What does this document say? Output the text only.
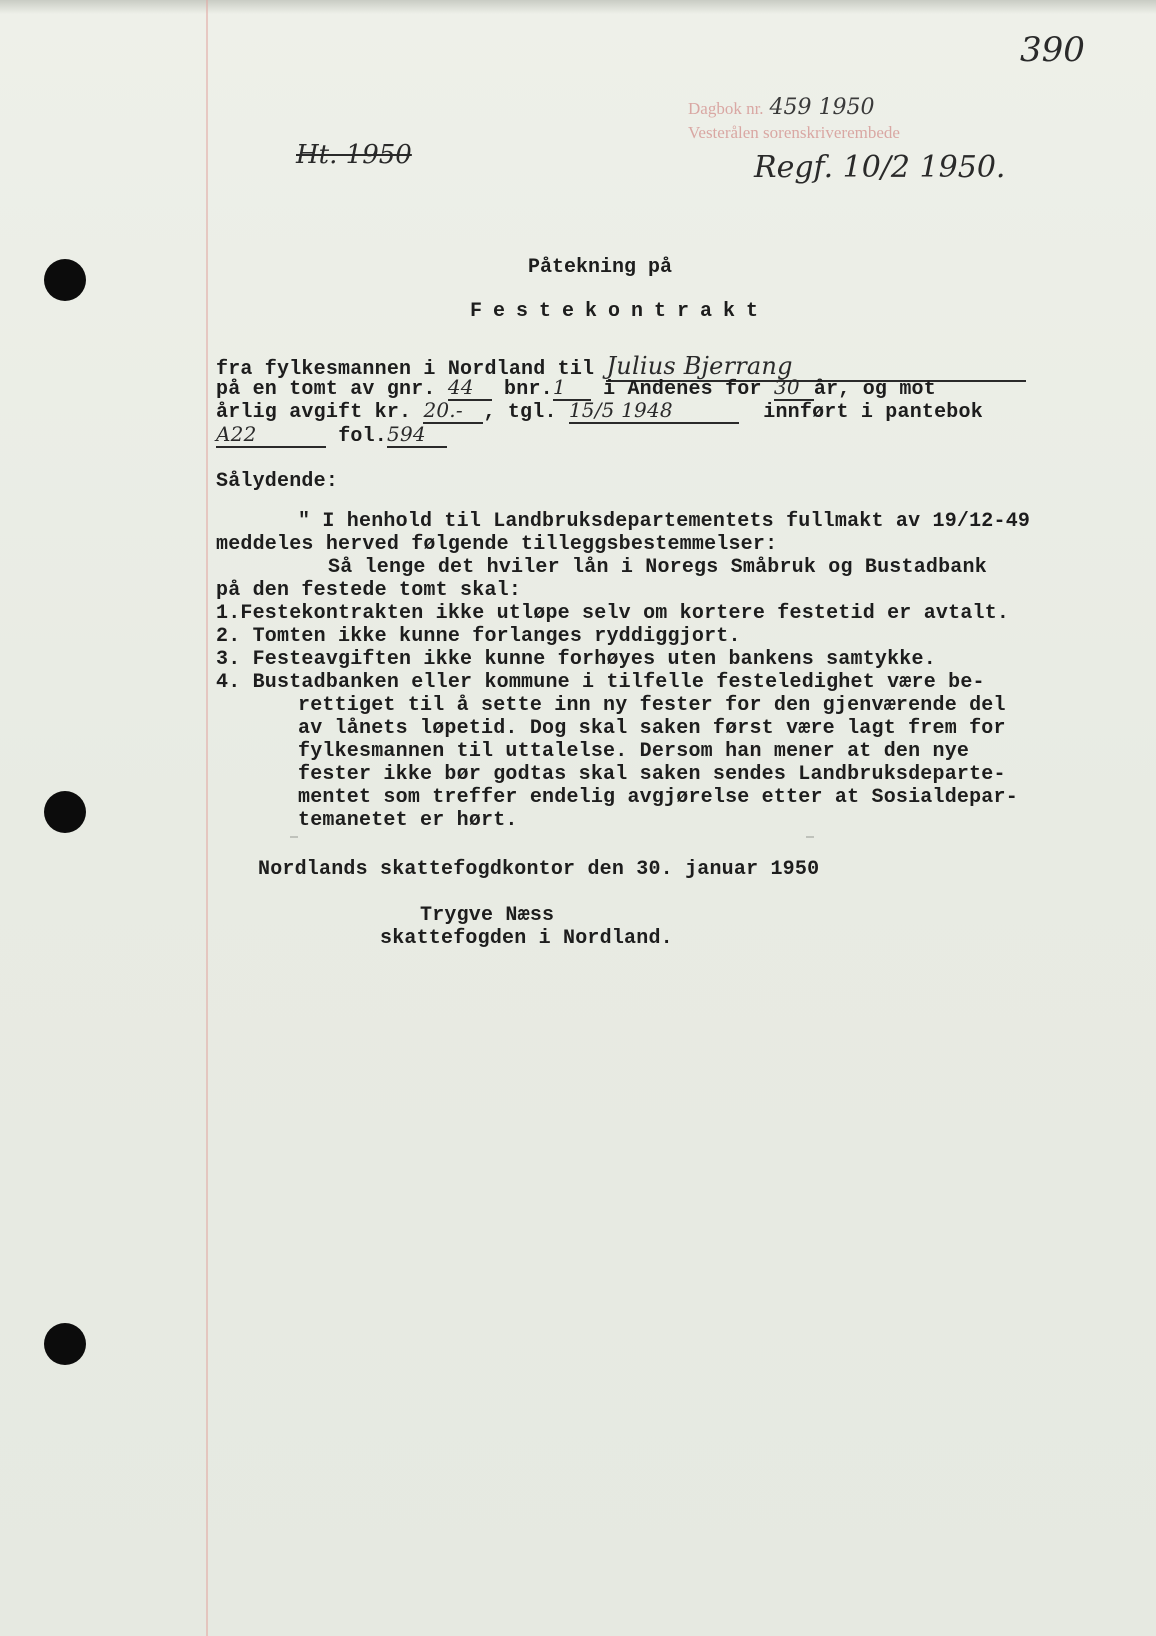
390
Dagbok nr. 459 1950
Vesterålen sorenskriverembede
Regf. 10/2 1950.
Ht. 1950
Påtekning på
Festekontrakt
fra fylkesmannen i Nordland til Julius Bjerrang
på en tomt av gnr. 44 bnr.1 i Andenes for 30 år, og mot
årlig avgift kr. 20.- , tgl. 15/5 1948	innført i pantebok
A22	fol.594
Sålydende:
" I henhold til Landbruksdepartementets fullmakt av 19/12-49
meddeles herved følgende tilleggsbestemmelser:
Så lenge det hviler lån i Noregs Småbruk og Bustadbank
på den festede tomt skal:
1.Festekontrakten ikke utløpe selv om kortere festetid er avtalt.
2. Tomten ikke kunne forlanges ryddiggjort.
3. Festeavgiften ikke kunne forhøyes uten bankens samtykke.
4. Bustadbanken eller kommune i tilfelle festeledighet være be-
rettiget til å sette inn ny fester for den gjenværende del
av lånets løpetid. Dog skal saken først være lagt frem for
fylkesmannen til uttalelse. Dersom han mener at den nye
fester ikke bør godtas skal saken sendes Landbruksdeparte-
mentet som treffer endelig avgjørelse etter at Sosialdepar-
temanetet er hørt.
Nordlands skattefogdkontor den 30. januar 1950
Trygve Næss
skattefogden i Nordland.
